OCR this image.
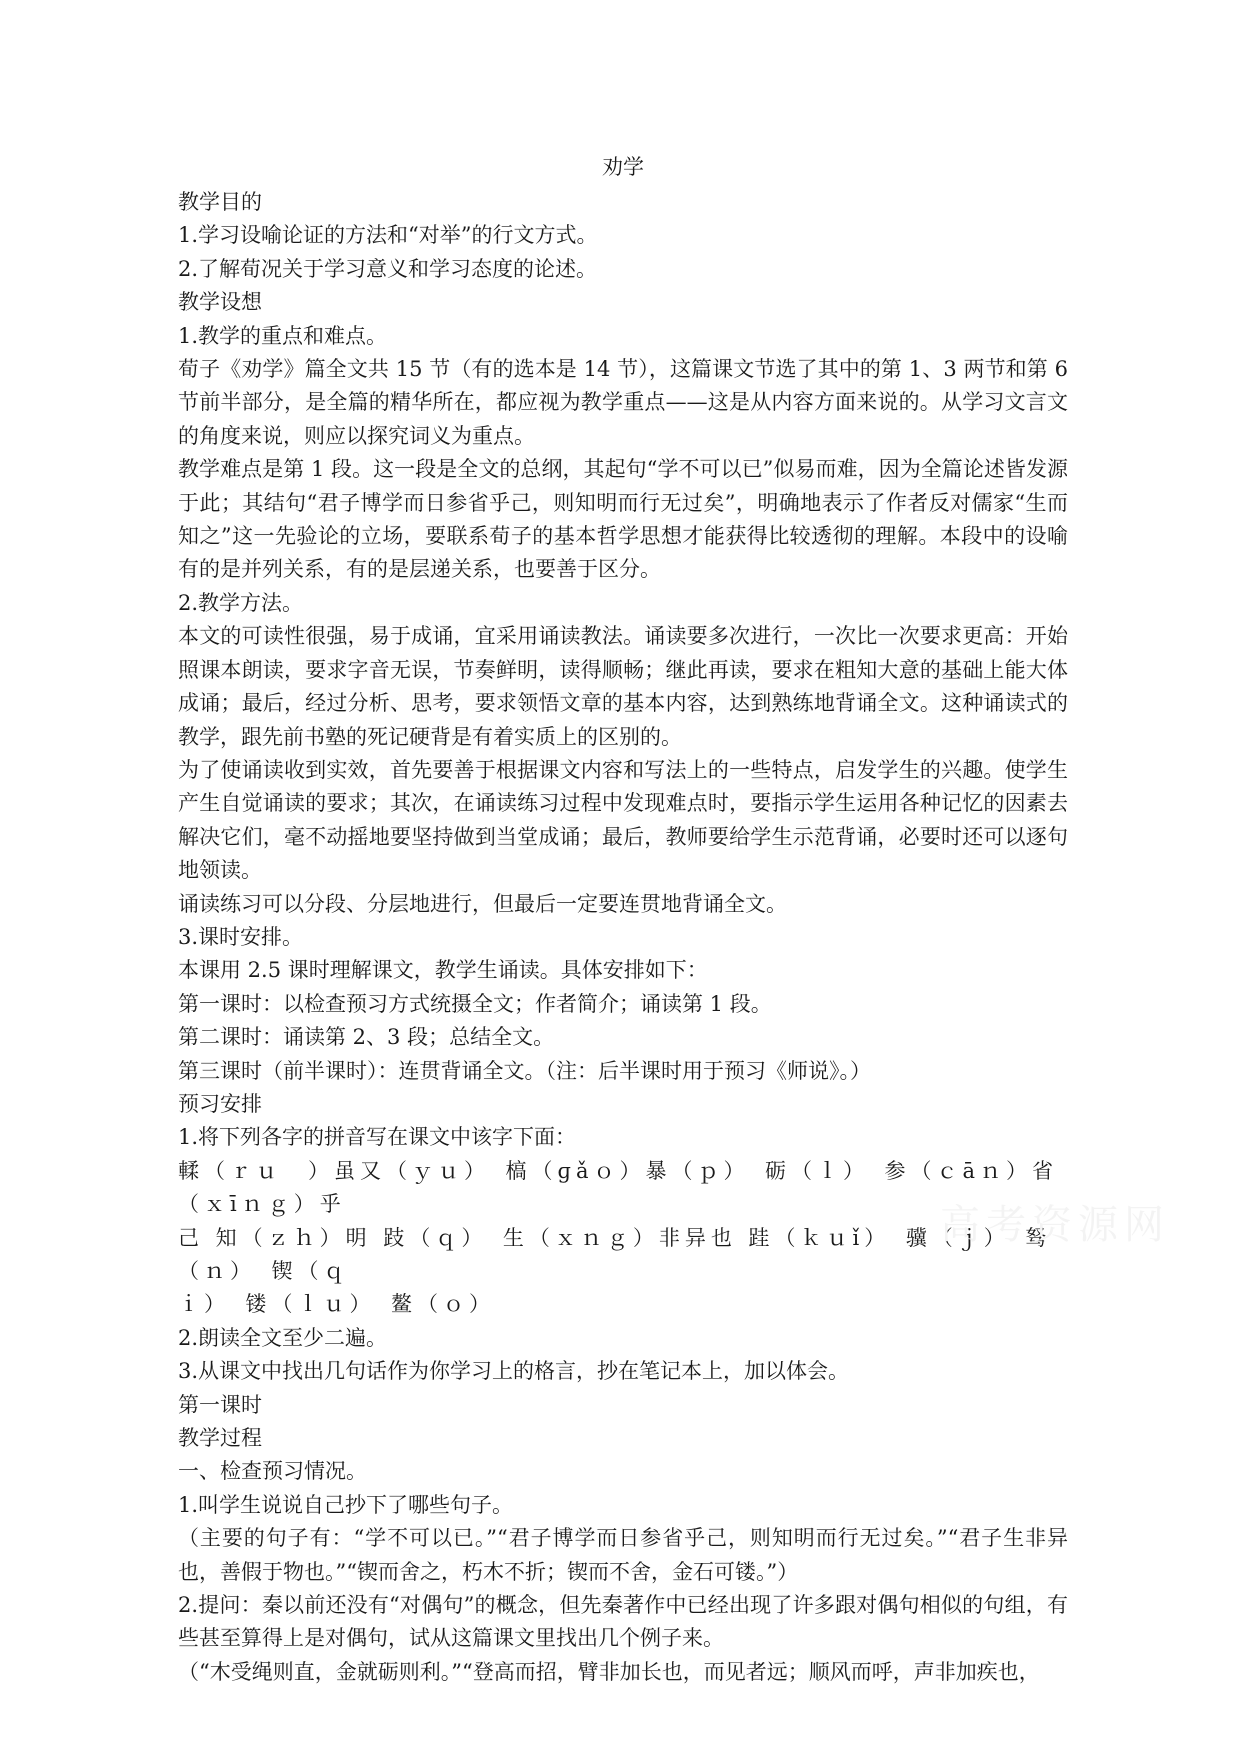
劝学

教学目的

1.学习设喻论证的方法和“对举”的行文方式。

2.了解荀况关于学习意义和学习态度的论述。

教学设想

1.教学的重点和难点。

荀子《劝学》篇全文共 15 节（有的选本是 14 节），这篇课文节选了其中的第 1、3 两节和第 6 节前半部分，是全篇的精华所在，都应视为教学重点——这是从内容方面来说的。从学习文言文的角度来说，则应以探究词义为重点。

教学难点是第 1 段。这一段是全文的总纲，其起句“学不可以已”似易而难，因为全篇论述皆发源于此；其结句“君子博学而日参省乎己，则知明而行无过矣”，明确地表示了作者反对儒家“生而知之”这一先验论的立场，要联系荀子的基本哲学思想才能获得比较透彻的理解。本段中的设喻有的是并列关系，有的是层递关系，也要善于区分。

2.教学方法。

本文的可读性很强，易于成诵，宜采用诵读教法。诵读要多次进行，一次比一次要求更高：开始照课本朗读，要求字音无误，节奏鲜明，读得顺畅；继此再读，要求在粗知大意的基础上能大体成诵；最后，经过分析、思考，要求领悟文章的基本内容，达到熟练地背诵全文。这种诵读式的教学，跟先前书塾的死记硬背是有着实质上的区别的。

为了使诵读收到实效，首先要善于根据课文内容和写法上的一些特点，启发学生的兴趣。使学生产生自觉诵读的要求；其次，在诵读练习过程中发现难点时，要指示学生运用各种记忆的因素去解决它们，毫不动摇地要坚持做到当堂成诵；最后，教师要给学生示范背诵，必要时还可以逐句地领读。

诵读练习可以分段、分层地进行，但最后一定要连贯地背诵全文。

3.课时安排。

本课用 2.5 课时理解课文，教学生诵读。具体安排如下：

第一课时：以检查预习方式统摄全文；作者简介；诵读第 1 段。

第二课时：诵读第 2、3 段；总结全文。

第三课时（前半课时）：连贯背诵全文。（注：后半课时用于预习《师说》。）

预习安排

1.将下列各字的拼音写在课文中该字下面：

輮（ｒｕ　）虽又（ｙｕ）　槁（ɡǎｏ）暴（ｐ）　砺（ｌ）　参（ｃāｎ）省　（ｘīｎｇ）乎

己 知（ｚｈ）明 跂（ｑ）　生（ｘｎｇ）非异也 跬（ｋｕǐ）　骥（ｊ）　驽（ｎ）　锲（ｑ

ｉ）　镂（ｌｕ）　鳌（ｏ）

2.朗读全文至少二遍。

3.从课文中找出几句话作为你学习上的格言，抄在笔记本上，加以体会。

第一课时

教学过程

一、检查预习情况。

1.叫学生说说自己抄下了哪些句子。

（主要的句子有：“学不可以已。”“君子博学而日参省乎己，则知明而行无过矣。”“君子生非异也，善假于物也。”“锲而舍之，朽木不折；锲而不舍，金石可镂。”）

2.提问：秦以前还没有“对偶句”的概念，但先秦著作中已经出现了许多跟对偶句相似的句组，有些甚至算得上是对偶句，试从这篇课文里找出几个例子来。

（“木受绳则直，金就砺则利。”“登高而招，臂非加长也，而见者远；顺风而呼，声非加疾也，

高考资源网
